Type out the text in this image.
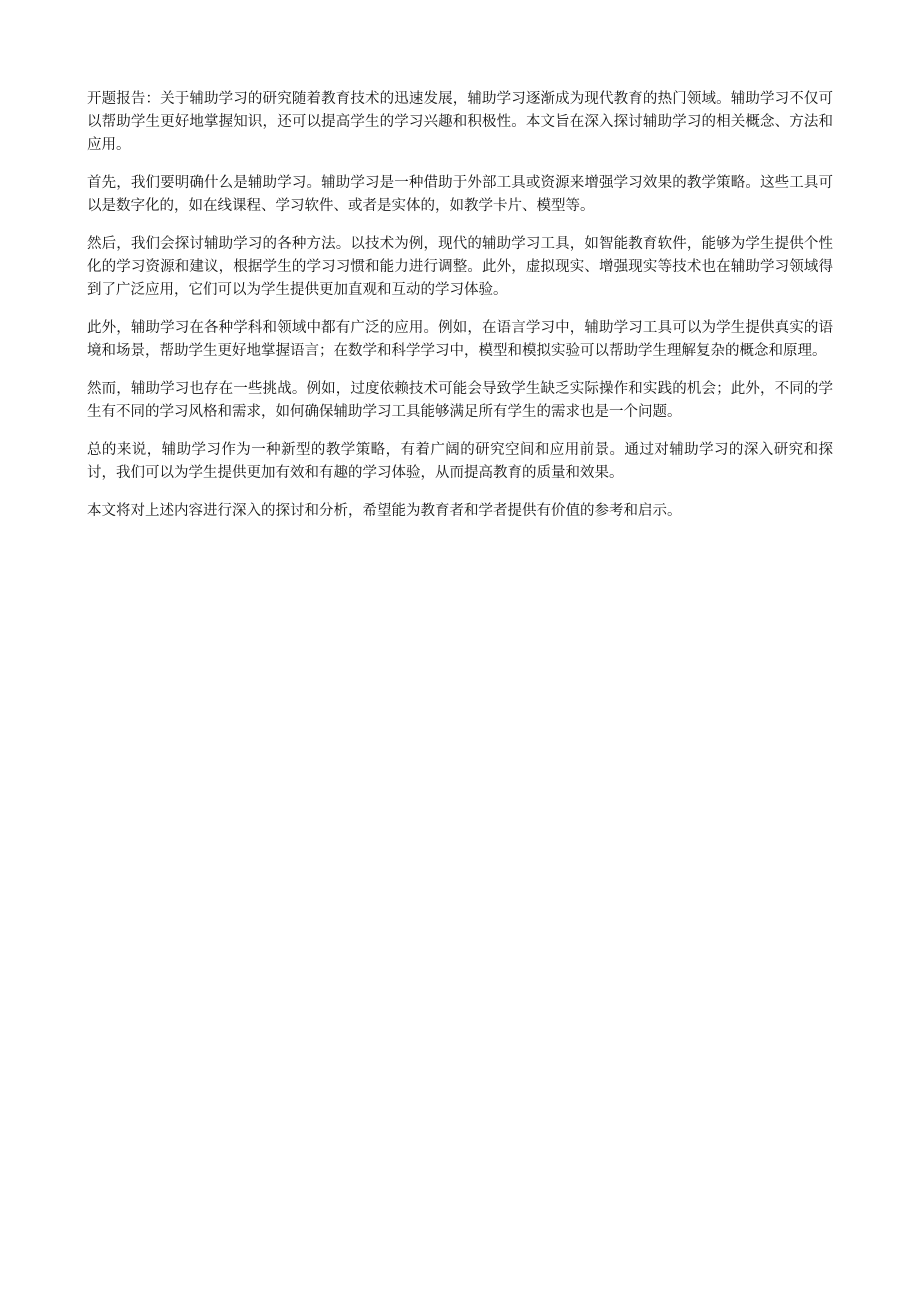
开题报告：关于辅助学习的研究随着教育技术的迅速发展，辅助学习逐渐成为现代教育的热门领域。辅助学习不仅可以帮助学生更好地掌握知识，还可以提高学生的学习兴趣和积极性。本文旨在深入探讨辅助学习的相关概念、方法和应用。

首先，我们要明确什么是辅助学习。辅助学习是一种借助于外部工具或资源来增强学习效果的教学策略。这些工具可以是数字化的，如在线课程、学习软件、或者是实体的，如教学卡片、模型等。

然后，我们会探讨辅助学习的各种方法。以技术为例，现代的辅助学习工具，如智能教育软件，能够为学生提供个性化的学习资源和建议，根据学生的学习习惯和能力进行调整。此外，虚拟现实、增强现实等技术也在辅助学习领域得到了广泛应用，它们可以为学生提供更加直观和互动的学习体验。

此外，辅助学习在各种学科和领域中都有广泛的应用。例如，在语言学习中，辅助学习工具可以为学生提供真实的语境和场景，帮助学生更好地掌握语言；在数学和科学学习中，模型和模拟实验可以帮助学生理解复杂的概念和原理。

然而，辅助学习也存在一些挑战。例如，过度依赖技术可能会导致学生缺乏实际操作和实践的机会；此外，不同的学生有不同的学习风格和需求，如何确保辅助学习工具能够满足所有学生的需求也是一个问题。

总的来说，辅助学习作为一种新型的教学策略，有着广阔的研究空间和应用前景。通过对辅助学习的深入研究和探讨，我们可以为学生提供更加有效和有趣的学习体验，从而提高教育的质量和效果。

本文将对上述内容进行深入的探讨和分析，希望能为教育者和学者提供有价值的参考和启示。
